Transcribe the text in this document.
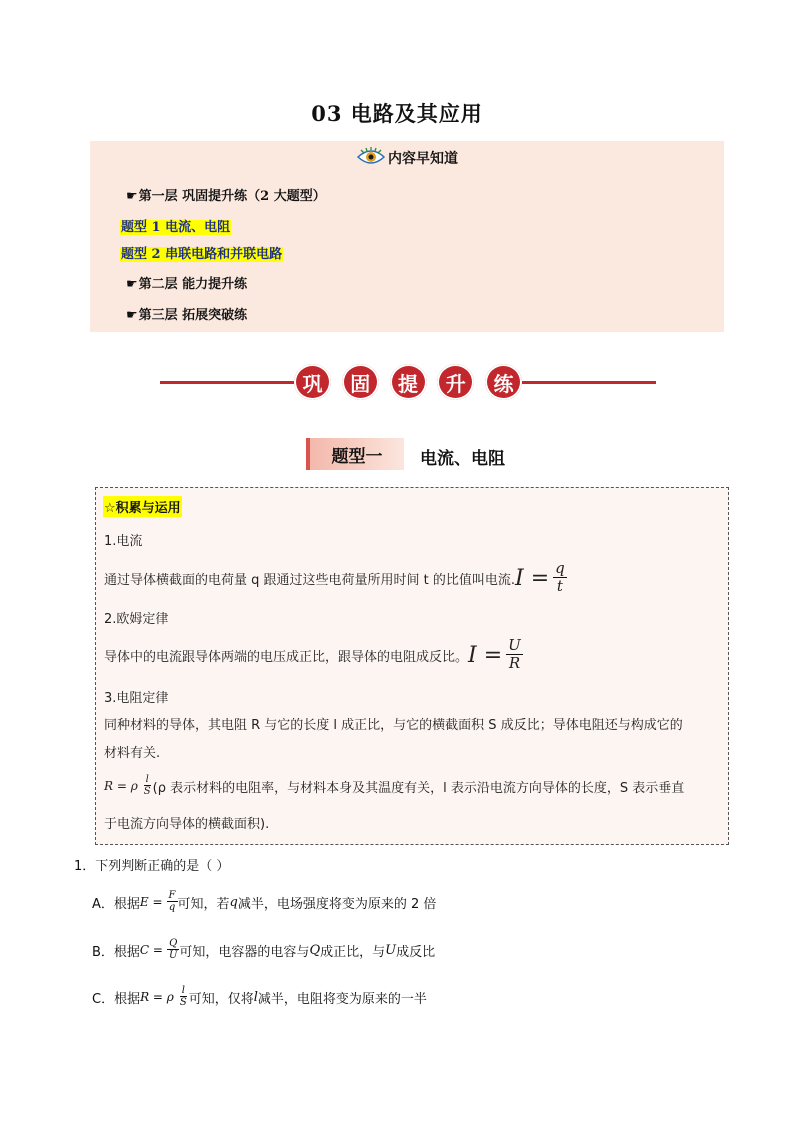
03 电路及其应用
内容早知道
☛第一层 巩固提升练（2 大题型）
题型 1 电流、电阻
题型 2 串联电路和并联电路
☛第二层 能力提升练
☛第三层 拓展突破练
巩	固	提	升	练
题型一	电流、电阻
☆积累与运用
1.电流
通过导体横截面的电荷量 q 跟通过这些电荷量所用时间 t 的比值叫电流. $I = \frac{q}{t}$
2.欧姆定律
导体中的电流跟导体两端的电压成正比，跟导体的电阻成反比。 $I = \frac{U}{R}$
3.电阻定律
同种材料的导体，其电阻 R 与它的长度 l 成正比，与它的横截面积 S 成反比；导体电阻还与构成它的
材料有关.
R = ρ $\frac{l}{S} (\rho$ 表示材料的电阻率，与材料本身及其温度有关，l 表示沿电流方向导体的长度，S 表示垂直
于电流方向导体的横截面积).
1．下列判断正确的是（ ）
A．根据 $E = \frac{F}{q}$ 可知，若 q 减半，电场强度将变为原来的 2 倍
B．根据 $C = \frac{Q}{U}$ 可知，电容器的电容与 Q 成正比，与 U 成反比
C．根据 R = ρ $\frac{l}{S}$ 可知，仅将 l 减半，电阻将变为原来的一半
